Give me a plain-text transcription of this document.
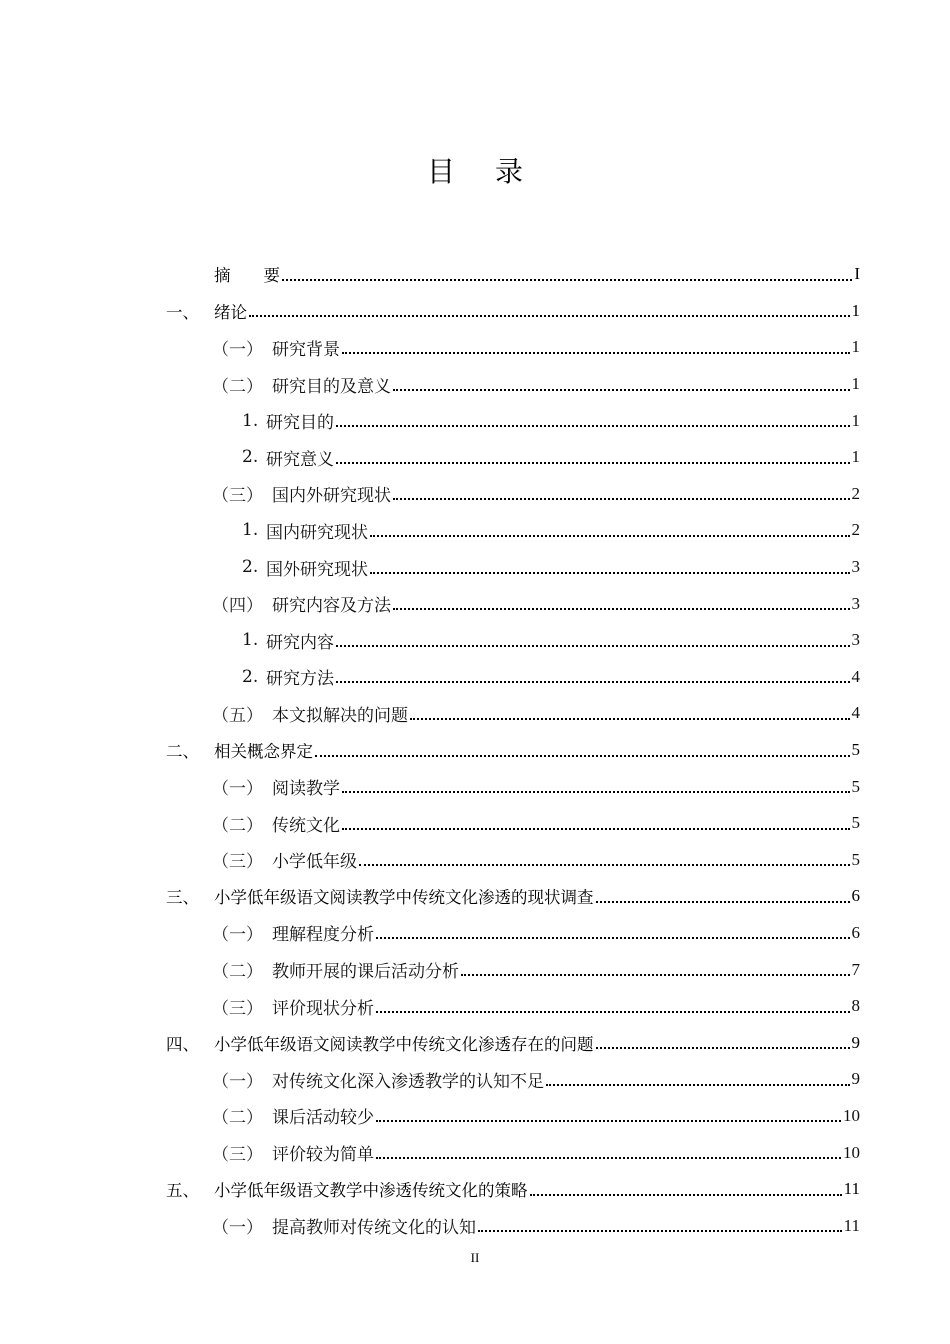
目 录
摘　　要	I
一、 绪论	1
（一） 研究背景	1
（二） 研究目的及意义	1
1. 研究目的	1
2. 研究意义	1
（三） 国内外研究现状	2
1. 国内研究现状	2
2. 国外研究现状	3
（四） 研究内容及方法	3
1. 研究内容	3
2. 研究方法	4
（五） 本文拟解决的问题	4
二、 相关概念界定	5
（一） 阅读教学	5
（二） 传统文化	5
（三） 小学低年级	5
三、 小学低年级语文阅读教学中传统文化渗透的现状调查	6
（一） 理解程度分析	6
（二） 教师开展的课后活动分析	7
（三） 评价现状分析	8
四、 小学低年级语文阅读教学中传统文化渗透存在的问题	9
（一） 对传统文化深入渗透教学的认知不足	9
（二） 课后活动较少	10
（三） 评价较为简单	10
五、 小学低年级语文教学中渗透传统文化的策略	11
（一） 提高教师对传统文化的认知	11
II
